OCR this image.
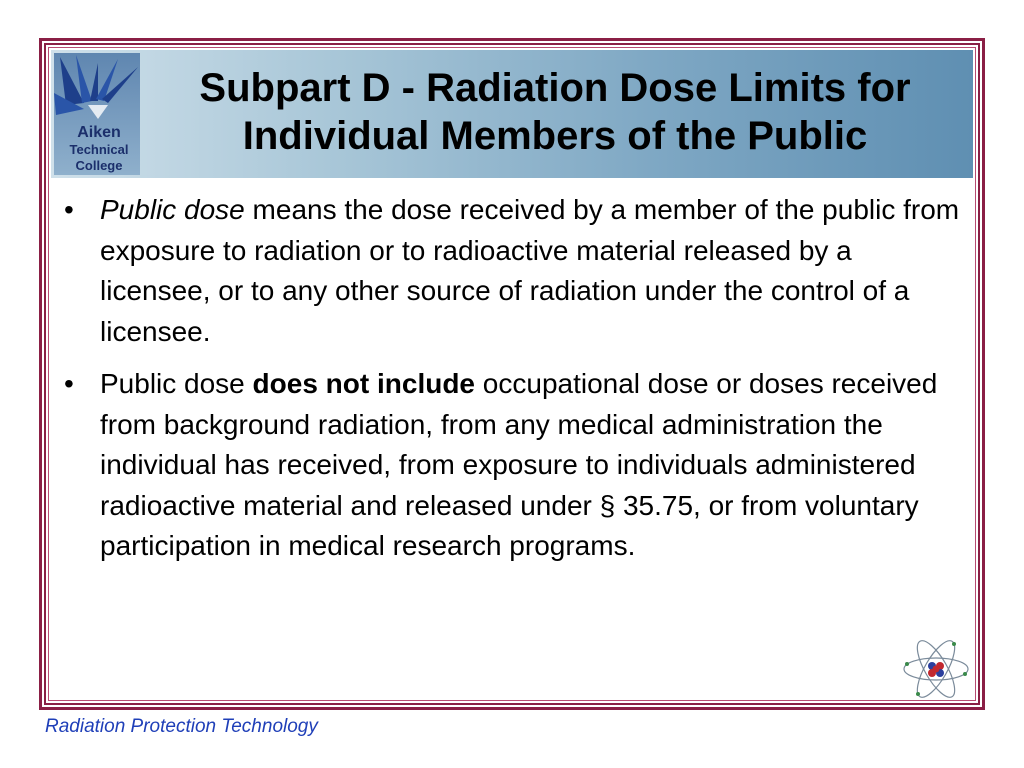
Aiken
Technical
College
Subpart D - Radiation Dose Limits for
Individual Members of the Public

• Public dose means the dose received by a member of the public from exposure to radiation or to radioactive material released by a licensee, or to any other source of radiation under the control of a licensee.

• Public dose does not include occupational dose or doses received from background radiation, from any medical administration the individual has received, from exposure to individuals administered radioactive material and released under § 35.75, or from voluntary participation in medical research programs.

Radiation Protection Technology
